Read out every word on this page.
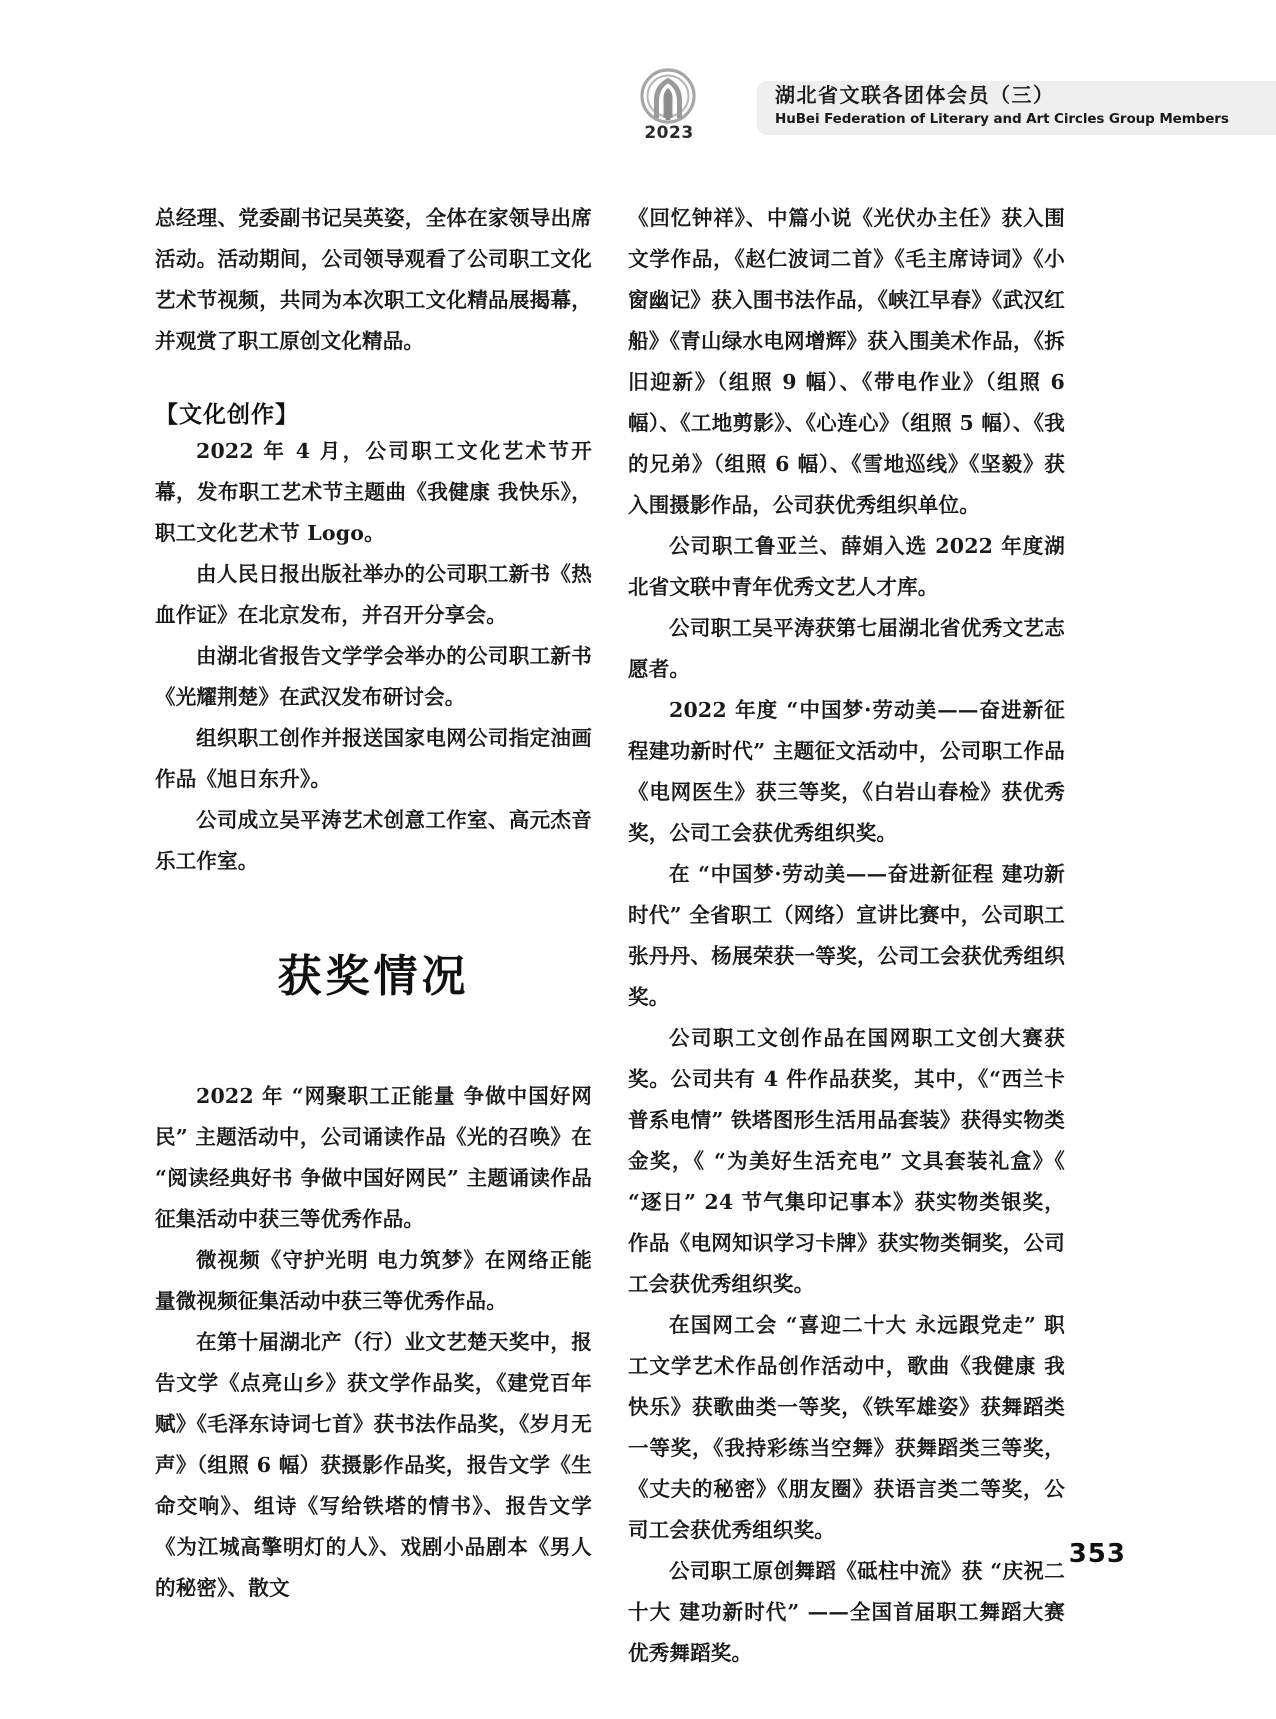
2023
湖北省文联各团体会员（三）
HuBei Federation of Literary and Art Circles Group Members

总经理、党委副书记吴英姿，全体在家领导出席活动。活动期间，公司领导观看了公司职工文化艺术节视频，共同为本次职工文化精品展揭幕，并观赏了职工原创文化精品。

【文化创作】

2022 年 4 月，公司职工文化艺术节开幕，发布职工艺术节主题曲《我健康 我快乐》，职工文化艺术节 Logo。

由人民日报出版社举办的公司职工新书《热血作证》在北京发布，并召开分享会。

由湖北省报告文学学会举办的公司职工新书《光耀荆楚》在武汉发布研讨会。

组织职工创作并报送国家电网公司指定油画作品《旭日东升》。

公司成立吴平涛艺术创意工作室、高元杰音乐工作室。

获奖情况

2022 年 “网聚职工正能量 争做中国好网民” 主题活动中，公司诵读作品《光的召唤》在 “阅读经典好书 争做中国好网民” 主题诵读作品征集活动中获三等优秀作品。

微视频《守护光明 电力筑梦》在网络正能量微视频征集活动中获三等优秀作品。

在第十届湖北产（行）业文艺楚天奖中，报告文学《点亮山乡》获文学作品奖，《建党百年赋》《毛泽东诗词七首》获书法作品奖，《岁月无声》（组照 6 幅）获摄影作品奖，报告文学《生命交响》、组诗《写给铁塔的情书》、报告文学《为江城高擎明灯的人》、戏剧小品剧本《男人的秘密》、散文

《回忆钟祥》、中篇小说《光伏办主任》获入围文学作品，《赵仁波词二首》《毛主席诗词》《小窗幽记》获入围书法作品，《峡江早春》《武汉红船》《青山绿水电网增辉》获入围美术作品，《拆旧迎新》（组照 9 幅）、《带电作业》（组照 6 幅）、《工地剪影》、《心连心》（组照 5 幅）、《我的兄弟》（组照 6 幅）、《雪地巡线》《坚毅》获入围摄影作品，公司获优秀组织单位。

公司职工鲁亚兰、薛娟入选 2022 年度湖北省文联中青年优秀文艺人才库。

公司职工吴平涛获第七届湖北省优秀文艺志愿者。

2022 年度 “中国梦·劳动美——奋进新征程建功新时代” 主题征文活动中，公司职工作品《电网医生》获三等奖，《白岩山春检》获优秀奖，公司工会获优秀组织奖。

在 “中国梦·劳动美——奋进新征程 建功新时代” 全省职工（网络）宣讲比赛中，公司职工张丹丹、杨展荣获一等奖，公司工会获优秀组织奖。

公司职工文创作品在国网职工文创大赛获奖。公司共有 4 件作品获奖，其中，《“西兰卡普系电情” 铁塔图形生活用品套装》获得实物类金奖，《 “为美好生活充电” 文具套装礼盒》《 “逐日” 24 节气集印记事本》获实物类银奖，作品《电网知识学习卡牌》获实物类铜奖，公司工会获优秀组织奖。

在国网工会 “喜迎二十大 永远跟党走” 职工文学艺术作品创作活动中，歌曲《我健康 我快乐》获歌曲类一等奖，《铁军雄姿》获舞蹈类一等奖，《我持彩练当空舞》获舞蹈类三等奖，《丈夫的秘密》《朋友圈》获语言类二等奖，公司工会获优秀组织奖。

公司职工原创舞蹈《砥柱中流》获 “庆祝二十大 建功新时代” ——全国首届职工舞蹈大赛优秀舞蹈奖。

353
